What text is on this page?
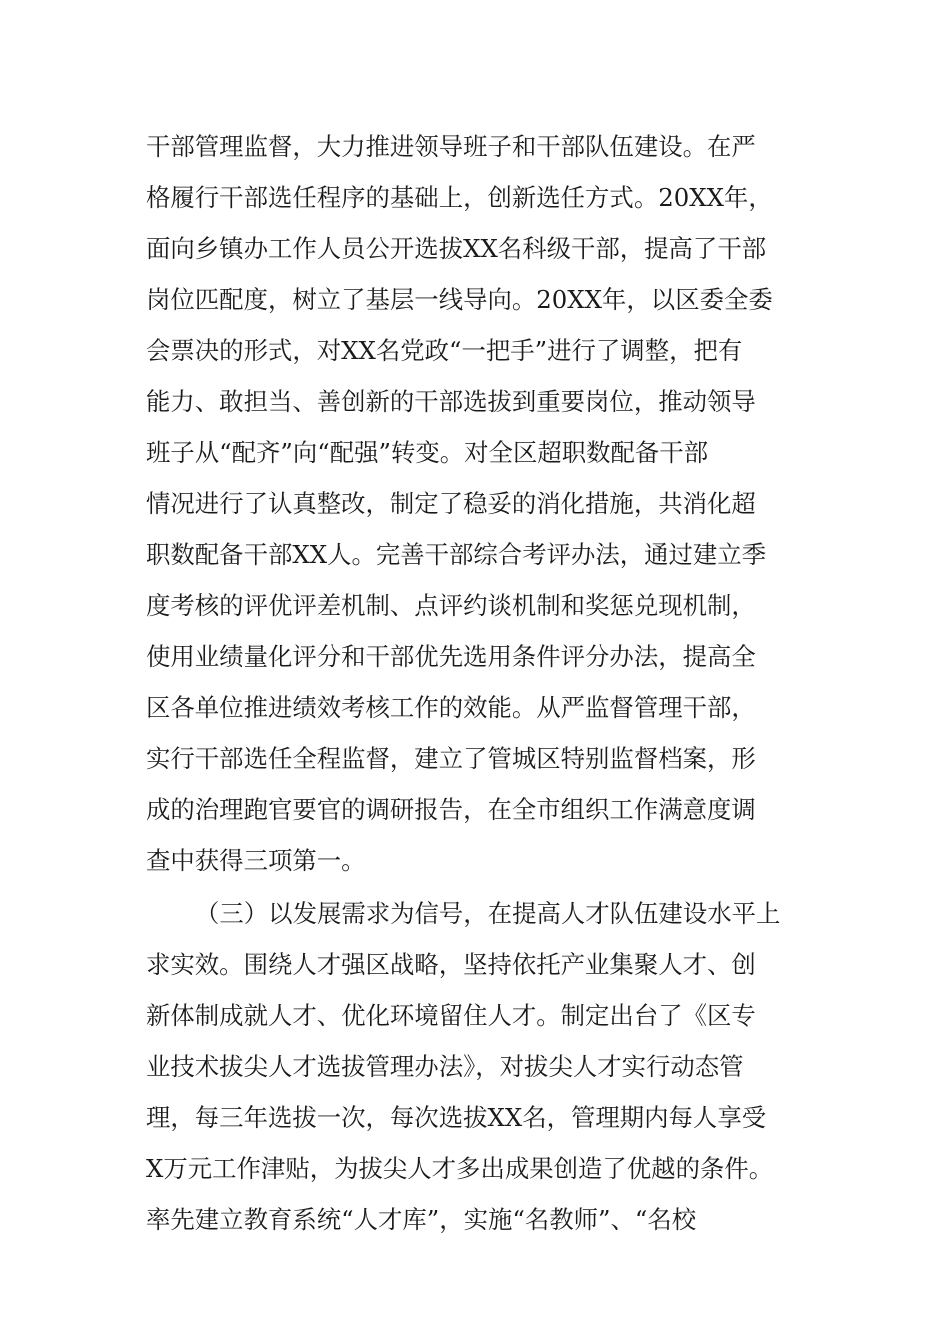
干部管理监督，大力推进领导班子和干部队伍建设。在严
格履行干部选任程序的基础上，创新选任方式。20XX年，
面向乡镇办工作人员公开选拔XX名科级干部，提高了干部
岗位匹配度，树立了基层一线导向。20XX年，以区委全委
会票决的形式，对XX名党政“一把手”进行了调整，把有
能力、敢担当、善创新的干部选拔到重要岗位，推动领导
班子从“配齐”向“配强”转变。对全区超职数配备干部
情况进行了认真整改，制定了稳妥的消化措施，共消化超
职数配备干部XX人。完善干部综合考评办法，通过建立季
度考核的评优评差机制、点评约谈机制和奖惩兑现机制，
使用业绩量化评分和干部优先选用条件评分办法，提高全
区各单位推进绩效考核工作的效能。从严监督管理干部，
实行干部选任全程监督，建立了管城区特别监督档案，形
成的治理跑官要官的调研报告，在全市组织工作满意度调
查中获得三项第一。
（三）以发展需求为信号，在提高人才队伍建设水平上
求实效。围绕人才强区战略，坚持依托产业集聚人才、创
新体制成就人才、优化环境留住人才。制定出台了《区专
业技术拔尖人才选拔管理办法》，对拔尖人才实行动态管
理，每三年选拔一次，每次选拔XX名，管理期内每人享受
X万元工作津贴，为拔尖人才多出成果创造了优越的条件。
率先建立教育系统“人才库”，实施“名教师”、“名校
